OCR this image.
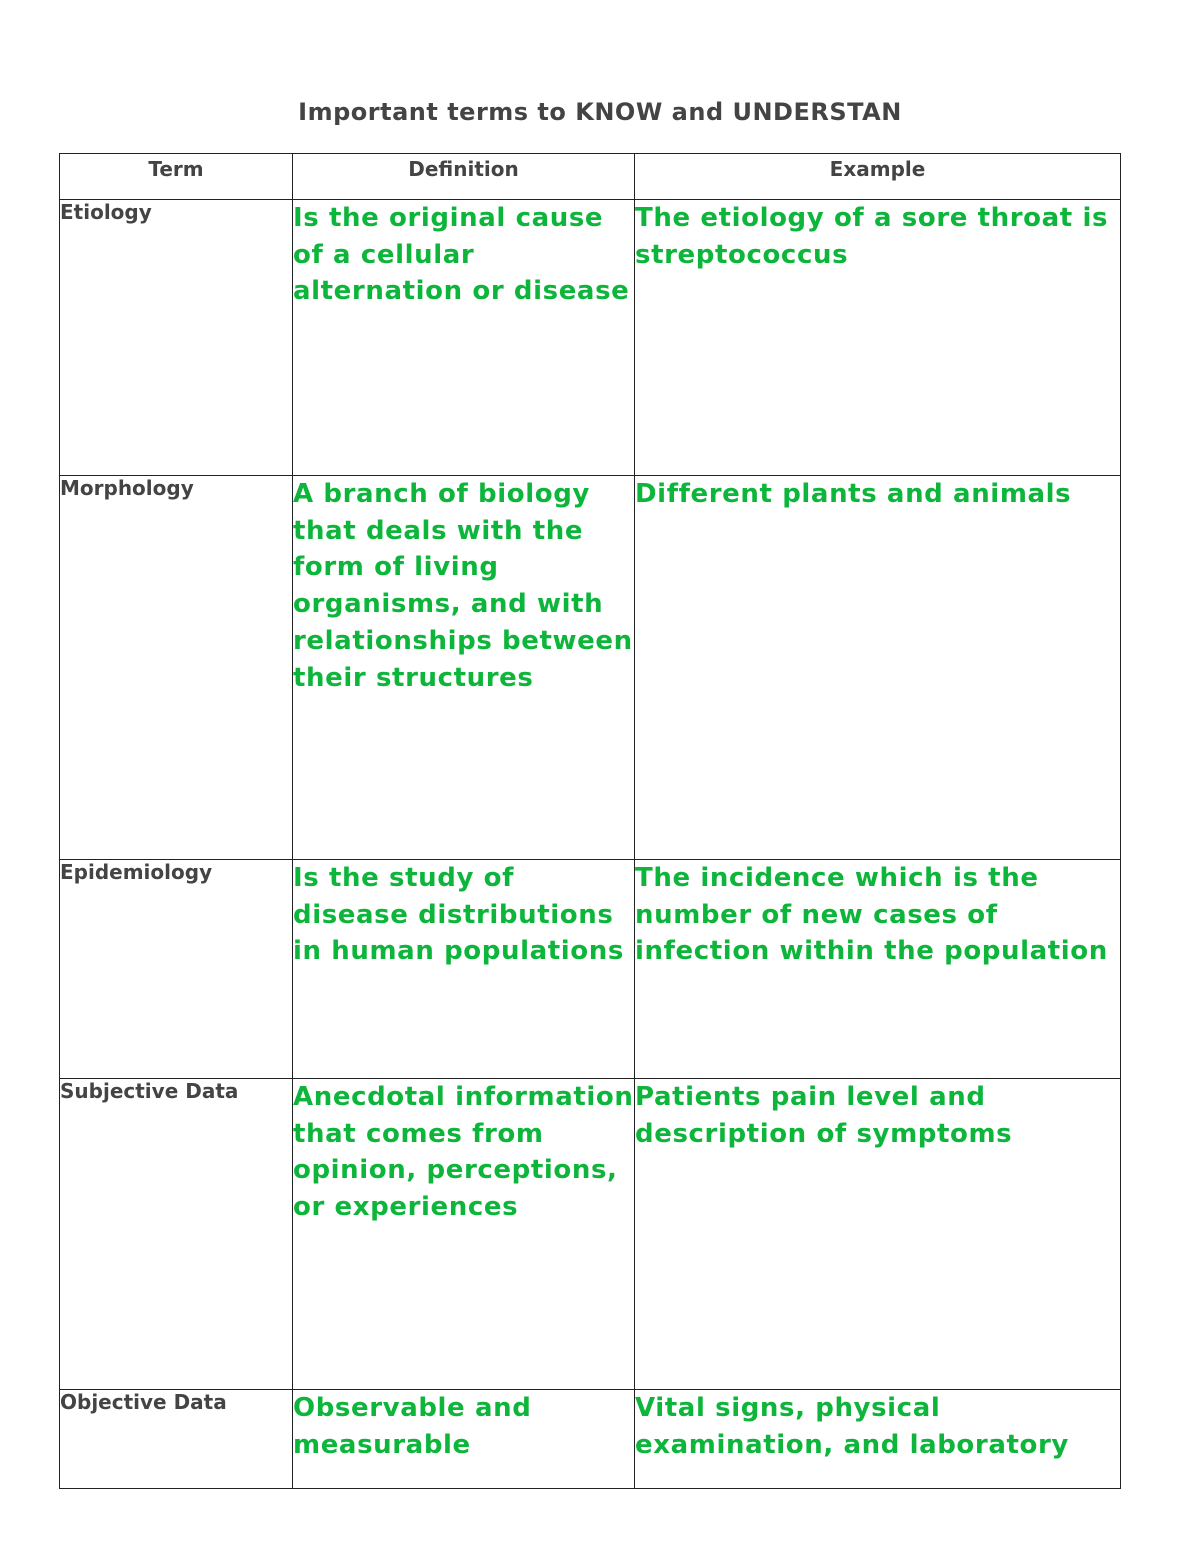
Important terms to KNOW and UNDERSTAN
Term	Definition	Example
Etiology	Is the original cause of a cellular alternation or disease	The etiology of a sore throat is streptococcus
Morphology	A branch of biology that deals with the form of living organisms, and with relationships between their structures	Different plants and animals
Epidemiology	Is the study of disease distributions in human populations	The incidence which is the number of new cases of infection within the population
Subjective Data	Anecdotal information that comes from opinion, perceptions, or experiences	Patients pain level and description of symptoms
Objective Data	Observable and measurable	Vital signs, physical examination, and laboratory
